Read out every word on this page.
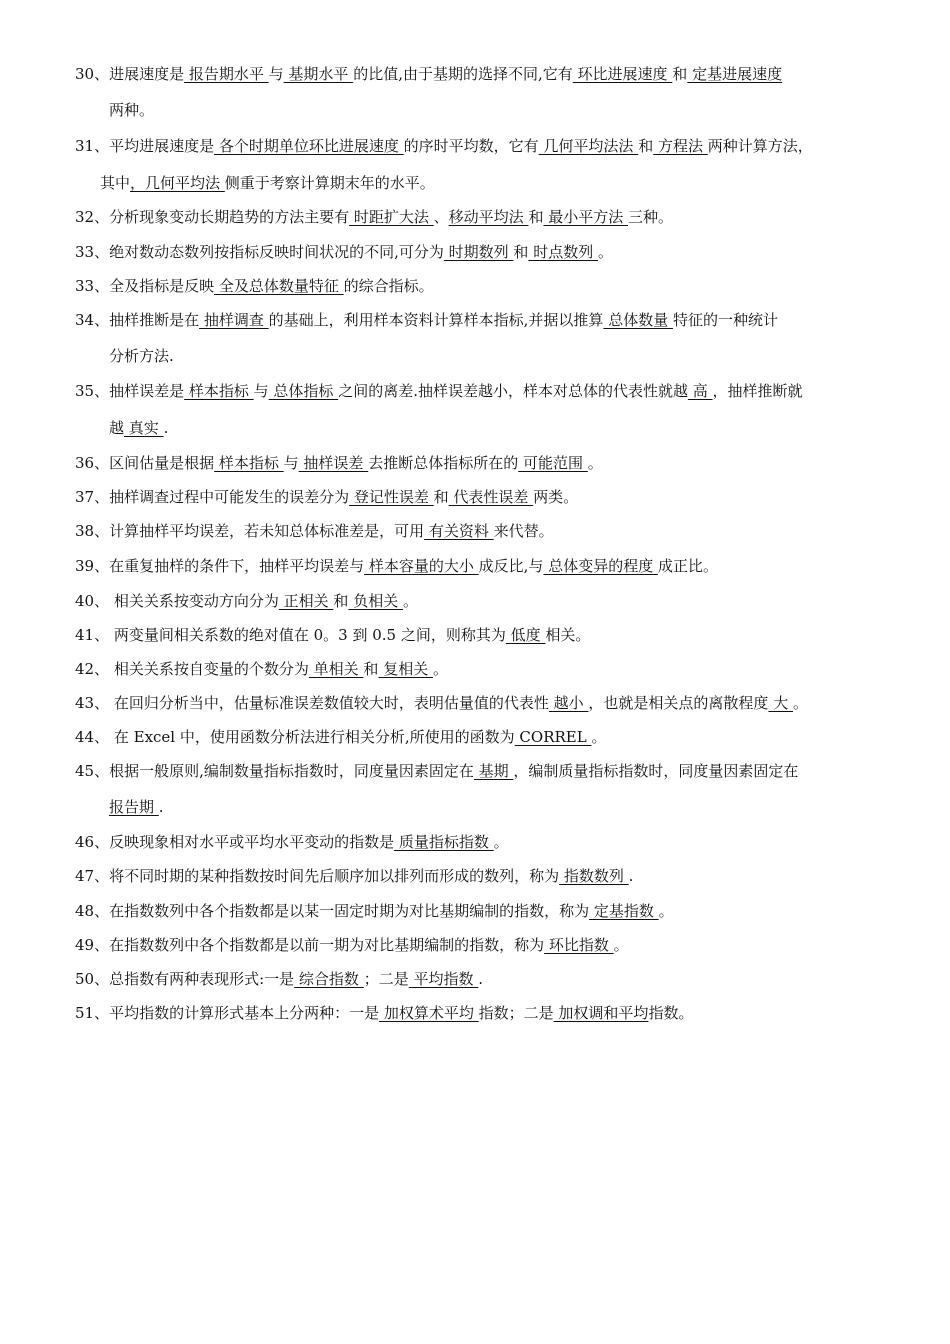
30、进展速度是 报告期水平 与 基期水平 的比值,由于基期的选择不同,它有 环比进展速度 和 定基进展速度
两种。
31、平均进展速度是 各个时期单位环比进展速度 的序时平均数，它有 几何平均法法 和 方程法 两种计算方法，
其中，几何平均法 侧重于考察计算期末年的水平。
32、分析现象变动长期趋势的方法主要有 时距扩大法 、移动平均法 和 最小平方法 三种。
33、绝对数动态数列按指标反映时间状况的不同,可分为 时期数列 和 时点数列 。
33、全及指标是反映 全及总体数量特征 的综合指标。
34、抽样推断是在 抽样调查 的基础上，利用样本资料计算样本指标,并据以推算 总体数量 特征的一种统计
分析方法.
35、抽样误差是 样本指标 与 总体指标 之间的离差.抽样误差越小，样本对总体的代表性就越 高 ，抽样推断就
越 真实 .
36、区间估量是根据 样本指标 与 抽样误差 去推断总体指标所在的 可能范围 。
37、抽样调查过程中可能发生的误差分为 登记性误差 和 代表性误差 两类。
38、计算抽样平均误差，若未知总体标准差是，可用 有关资料 来代替。
39、在重复抽样的条件下，抽样平均误差与 样本容量的大小 成反比,与 总体变异的程度 成正比。
40、 相关关系按变动方向分为 正相关 和 负相关 。
41、 两变量间相关系数的绝对值在 0。3 到 0.5 之间，则称其为 低度 相关。
42、 相关关系按自变量的个数分为 单相关 和 复相关 。
43、 在回归分析当中，估量标准误差数值较大时，表明估量值的代表性 越小 ，也就是相关点的离散程度 大 。
44、 在 Excel 中，使用函数分析法进行相关分析,所使用的函数为 CORREL 。
45、根据一般原则,编制数量指标指数时，同度量因素固定在 基期 ，编制质量指标指数时，同度量因素固定在
报告期 .
46、反映现象相对水平或平均水平变动的指数是 质量指标指数 。
47、将不同时期的某种指数按时间先后顺序加以排列而形成的数列，称为 指数数列 .
48、在指数数列中各个指数都是以某一固定时期为对比基期编制的指数，称为 定基指数 。
49、在指数数列中各个指数都是以前一期为对比基期编制的指数，称为 环比指数 。
50、总指数有两种表现形式:一是 综合指数 ；二是 平均指数 .
51、平均指数的计算形式基本上分两种：一是 加权算术平均 指数；二是 加权调和平均指数。
